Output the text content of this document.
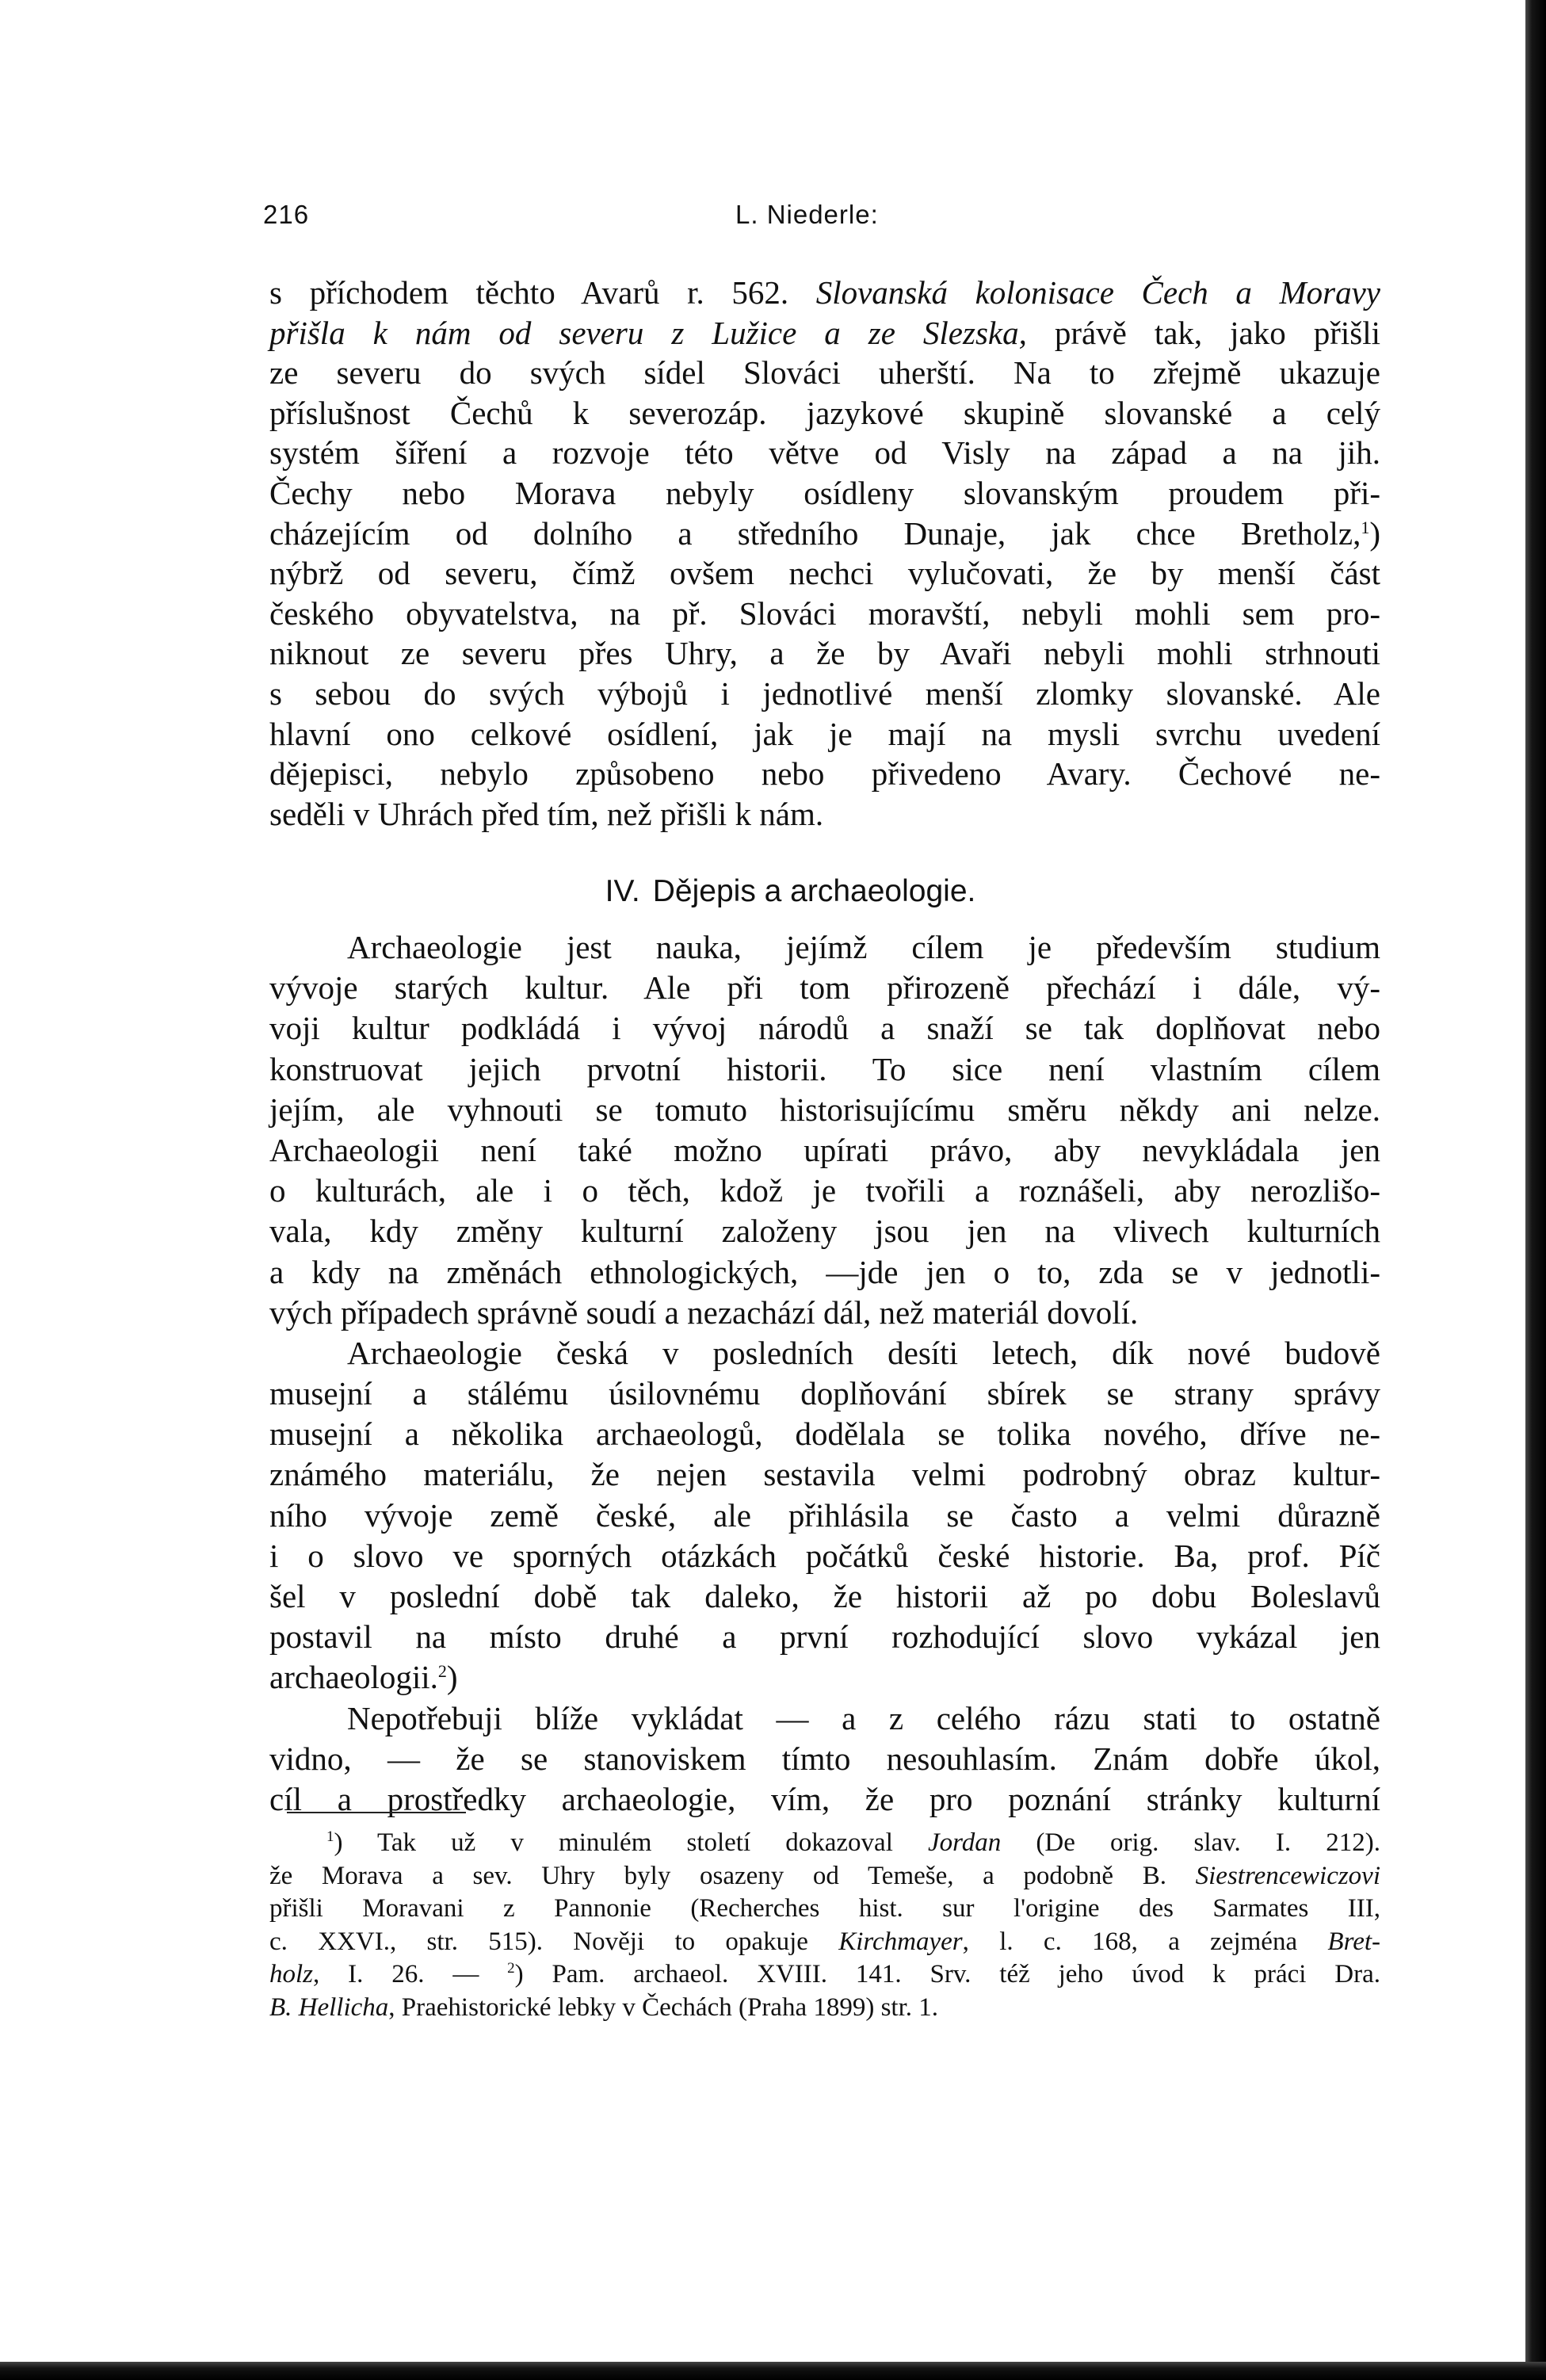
216	L. Niederle:
s příchodem těchto Avarů r. 562. Slovanská kolonisace Čech a Moravy
přišla k nám od severu z Lužice a ze Slezska, právě tak, jako přišli
ze severu do svých sídel Slováci uherští. Na to zřejmě ukazuje
příslušnost Čechů k severozáp. jazykové skupině slovanské a celý
systém šíření a rozvoje této větve od Visly na západ a na jih.
Čechy nebo Morava nebyly osídleny slovanským proudem při-
cházejícím od dolního a středního Dunaje, jak chce Bretholz,$^1$)
nýbrž od severu, čímž ovšem nechci vylučovati, že by menší část
českého obyvatelstva, na př. Slováci moravští, nebyli mohli sem pro-
niknout ze severu přes Uhry, a že by Avaři nebyli mohli strhnouti
s sebou do svých výbojů i jednotlivé menší zlomky slovanské. Ale
hlavní ono celkové osídlení, jak je mají na mysli svrchu uvedení
dějepisci, nebylo způsobeno nebo přivedeno Avary. Čechové ne-
seděli v Uhrách před tím, než přišli k nám.
IV. Dějepis a archaeologie.
Archaeologie jest nauka, jejímž cílem je především studium
vývoje starých kultur. Ale při tom přirozeně přechází i dále, vý-
voji kultur podkládá i vývoj národů a snaží se tak doplňovat nebo
konstruovat jejich prvotní historii. To sice není vlastním cílem
jejím, ale vyhnouti se tomuto historisujícímu směru někdy ani nelze.
Archaeologii není také možno upírati právo, aby nevykládala jen
o kulturách, ale i o těch, kdož je tvořili a roznášeli, aby nerozlišo-
vala, kdy změny kulturní založeny jsou jen na vlivech kulturních
a kdy na změnách ethnologických, —jde jen o to, zda se v jednotli-
vých případech správně soudí a nezachází dál, než materiál dovolí.
Archaeologie česká v posledních desíti letech, dík nové budově
musejní a stálému úsilovnému doplňování sbírek se strany správy
musejní a několika archaeologů, dodělala se tolika nového, dříve ne-
známého materiálu, že nejen sestavila velmi podrobný obraz kultur-
ního vývoje země české, ale přihlásila se často a velmi důrazně
i o slovo ve sporných otázkách počátků české historie. Ba, prof. Píč
šel v poslední době tak daleko, že historii až po dobu Boleslavů
postavil na místo druhé a první rozhodující slovo vykázal jen
archaeologii.$^2$)
Nepotřebuji blíže vykládat — a z celého rázu stati to ostatně
vidno, — že se stanoviskem tímto nesouhlasím. Znám dobře úkol,
cíl a prostředky archaeologie, vím, že pro poznání stránky kulturní
$^1$) Tak už v minulém století dokazoval Jordan (De orig. slav. I. 212).
že Morava a sev. Uhry byly osazeny od Temeše, a podobně B. Siestrencewiczovi
přišli Moravani z Pannonie (Recherches hist. sur l'origine des Sarmates III,
c. XXVI., str. 515). Nověji to opakuje Kirchmayer, l. c. 168, a zejména Bret-
holz, I. 26. — $^2$) Pam. archaeol. XVIII. 141. Srv. též jeho úvod k práci Dra.
B. Hellicha, Praehistorické lebky v Čechách (Praha 1899) str. 1.
